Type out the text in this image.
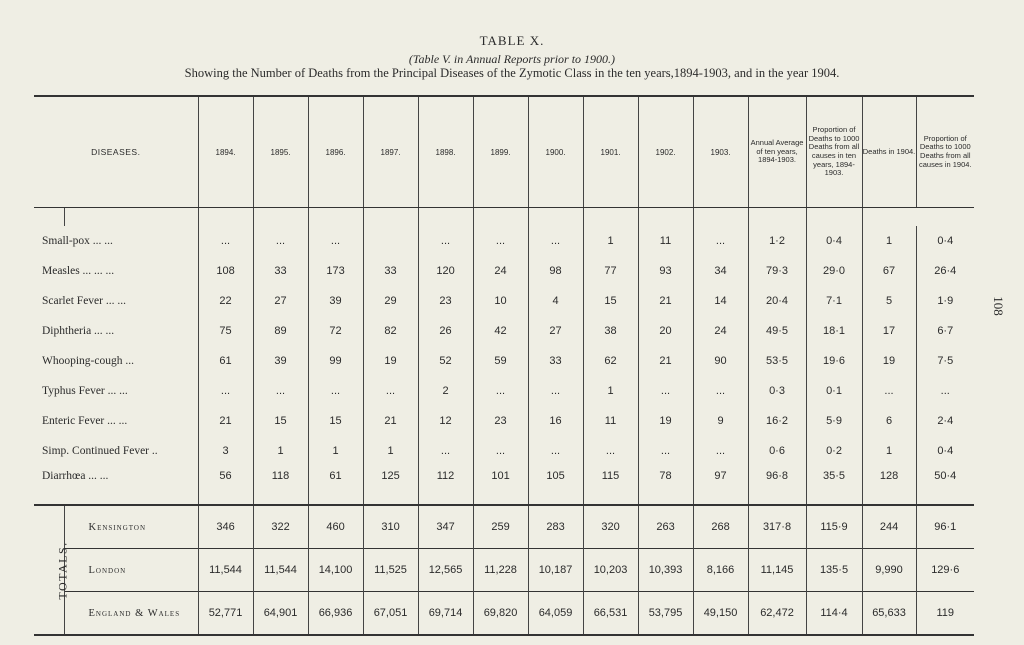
TABLE X.
(Table V. in Annual Reports prior to 1900.)
Showing the Number of Deaths from the Principal Diseases of the Zymotic Class in the ten years,1894-1903, and in the year 1904.
108
DISEASES.		1894.	1895.	1896.	1897.	1898.	1899.	1900.	1901.	1902.	1903.	Annual Average of ten years, 1894-1903.	Proportion of Deaths to 1000 Deaths from all causes in ten years, 1894-1903.	Deaths in 1904.	Proportion of Deaths to 1000 Deaths from all causes in 1904.

Small-pox ... ...		...	...	...		...	...	...	1	11	...	1·2	0·4	1	0·4
Measles ... ... ...		108	33	173	33	120	24	98	77	93	34	79·3	29·0	67	26·4
Scarlet Fever ... ...		22	27	39	29	23	10	4	15	21	14	20·4	7·1	5	1·9
Diphtheria ... ...		75	89	72	82	26	42	27	38	20	24	49·5	18·1	17	6·7
Whooping-cough ...		61	39	99	19	52	59	33	62	21	90	53·5	19·6	19	7·5
Typhus Fever ... ...		...	...	...	...	2	...	...	1	...	...	0·3	0·1	...	...
Enteric Fever ... ...		21	15	15	21	12	23	16	11	19	9	16·2	5·9	6	2·4
Simp. Continued Fever ..		3	1	1	1	...	...	...	...	...	...	0·6	0·2	1	0·4
Diarrhœa ... ...		56	118	61	125	112	101	105	115	78	97	96·8	35·5	128	50·4
TOTALS.	Kensington	346	322	460	310	347	259	283	320	263	268	317·8	115·9	244	96·1
	London	11,544	11,544	14,100	11,525	12,565	11,228	10,187	10,203	10,393	8,166	11,145	135·5	9,990	129·6
	England & Wales	52,771	64,901	66,936	67,051	69,714	69,820	64,059	66,531	53,795	49,150	62,472	114·4	65,633	119
